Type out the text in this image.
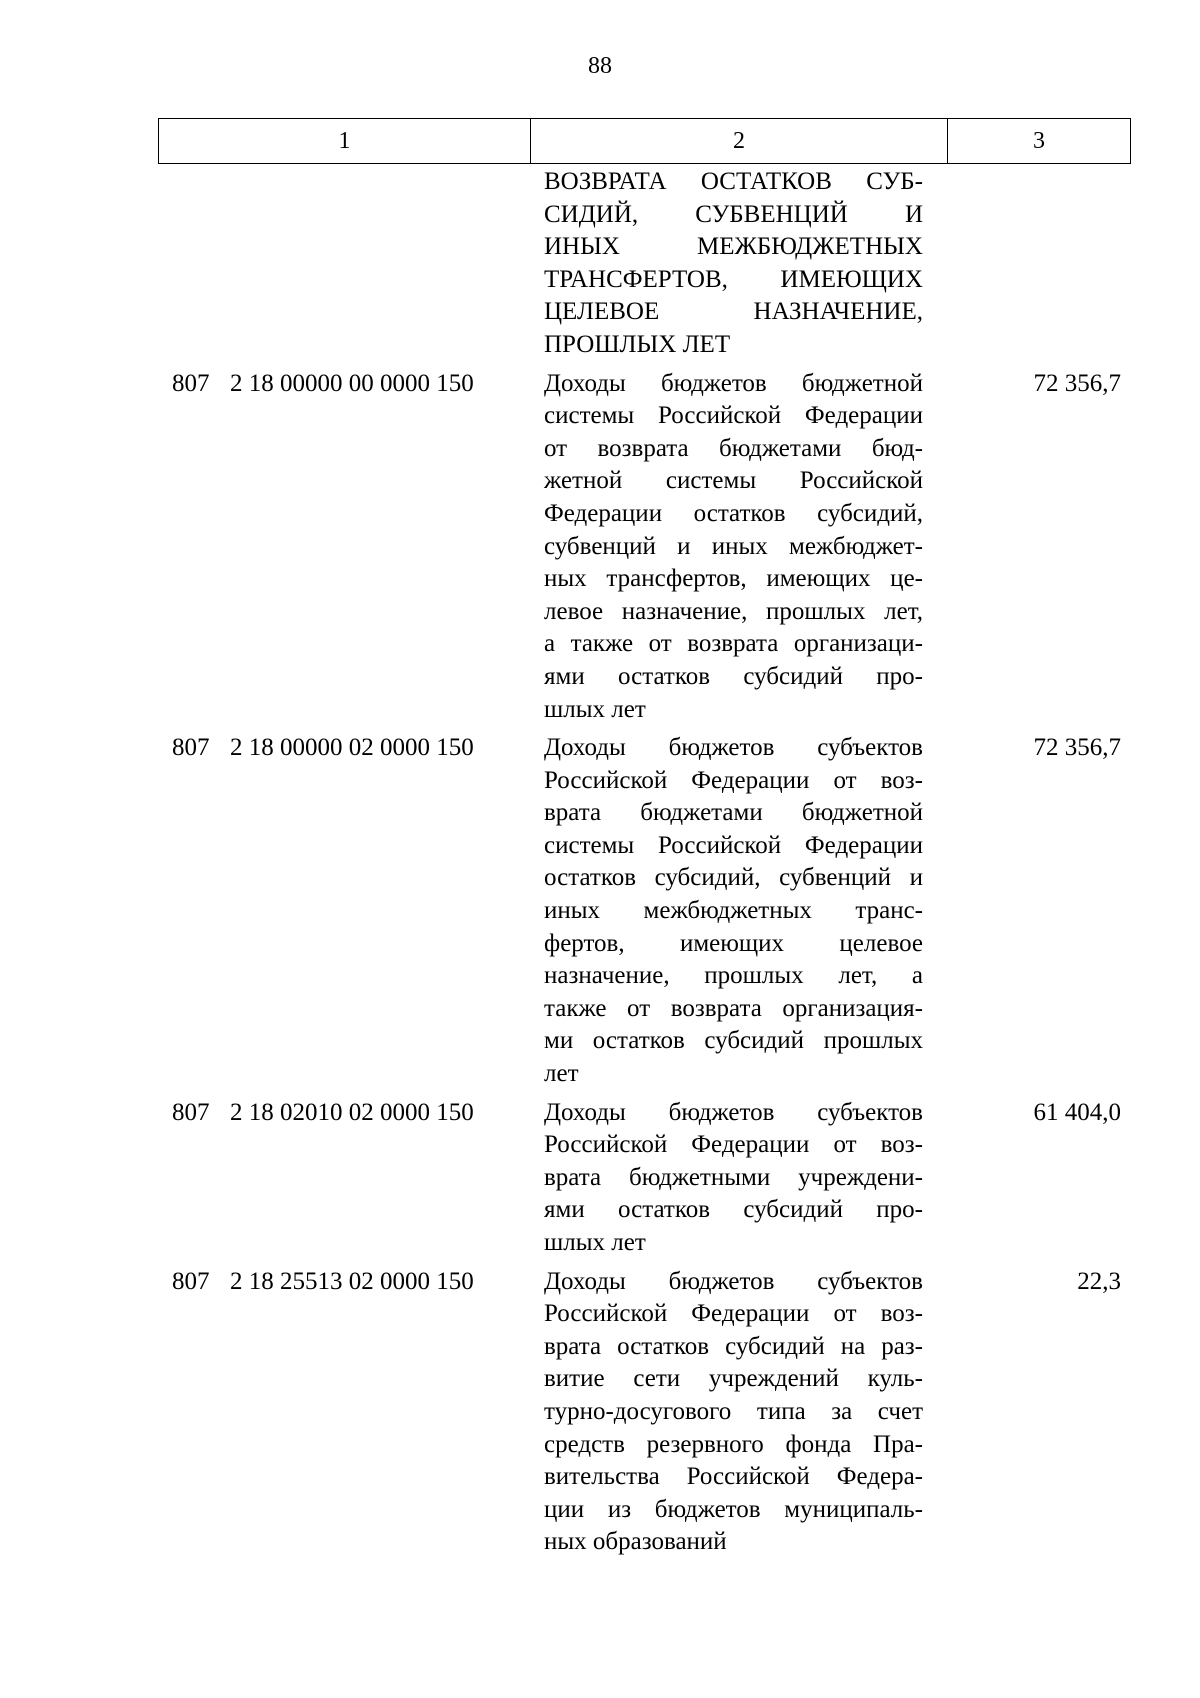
88
1	2	3
ВОЗВРАТА ОСТАТКОВ СУБ-
СИДИЙ, СУБВЕНЦИЙ И
ИНЫХ МЕЖБЮДЖЕТНЫХ
ТРАНСФЕРТОВ, ИМЕЮЩИХ
ЦЕЛЕВОЕ НАЗНАЧЕНИЕ,
ПРОШЛЫХ ЛЕТ
807 2 18 00000 00 0000 150	Доходы бюджетов бюджетной
системы Российской Федерации
от возврата бюджетами бюд-
жетной системы Российской
Федерации остатков субсидий,
субвенций и иных межбюджет-
ных трансфертов, имеющих це-
левое назначение, прошлых лет,
а также от возврата организаци-
ями остатков субсидий про-
шлых лет
72 356,7
807 2 18 00000 02 0000 150	Доходы бюджетов субъектов
Российской Федерации от воз-
врата бюджетами бюджетной
системы Российской Федерации
остатков субсидий, субвенций и
иных межбюджетных транс-
фертов, имеющих целевое
назначение, прошлых лет, а
также от возврата организация-
ми остатков субсидий прошлых
лет
72 356,7
807 2 18 02010 02 0000 150	Доходы бюджетов субъектов
Российской Федерации от воз-
врата бюджетными учреждени-
ями остатков субсидий про-
шлых лет
61 404,0
807 2 18 25513 02 0000 150	Доходы бюджетов субъектов
Российской Федерации от воз-
врата остатков субсидий на раз-
витие сети учреждений куль-
турно-досугового типа за счет
средств резервного фонда Пра-
вительства Российской Федера-
ции из бюджетов муниципаль-
ных образований
22,3
